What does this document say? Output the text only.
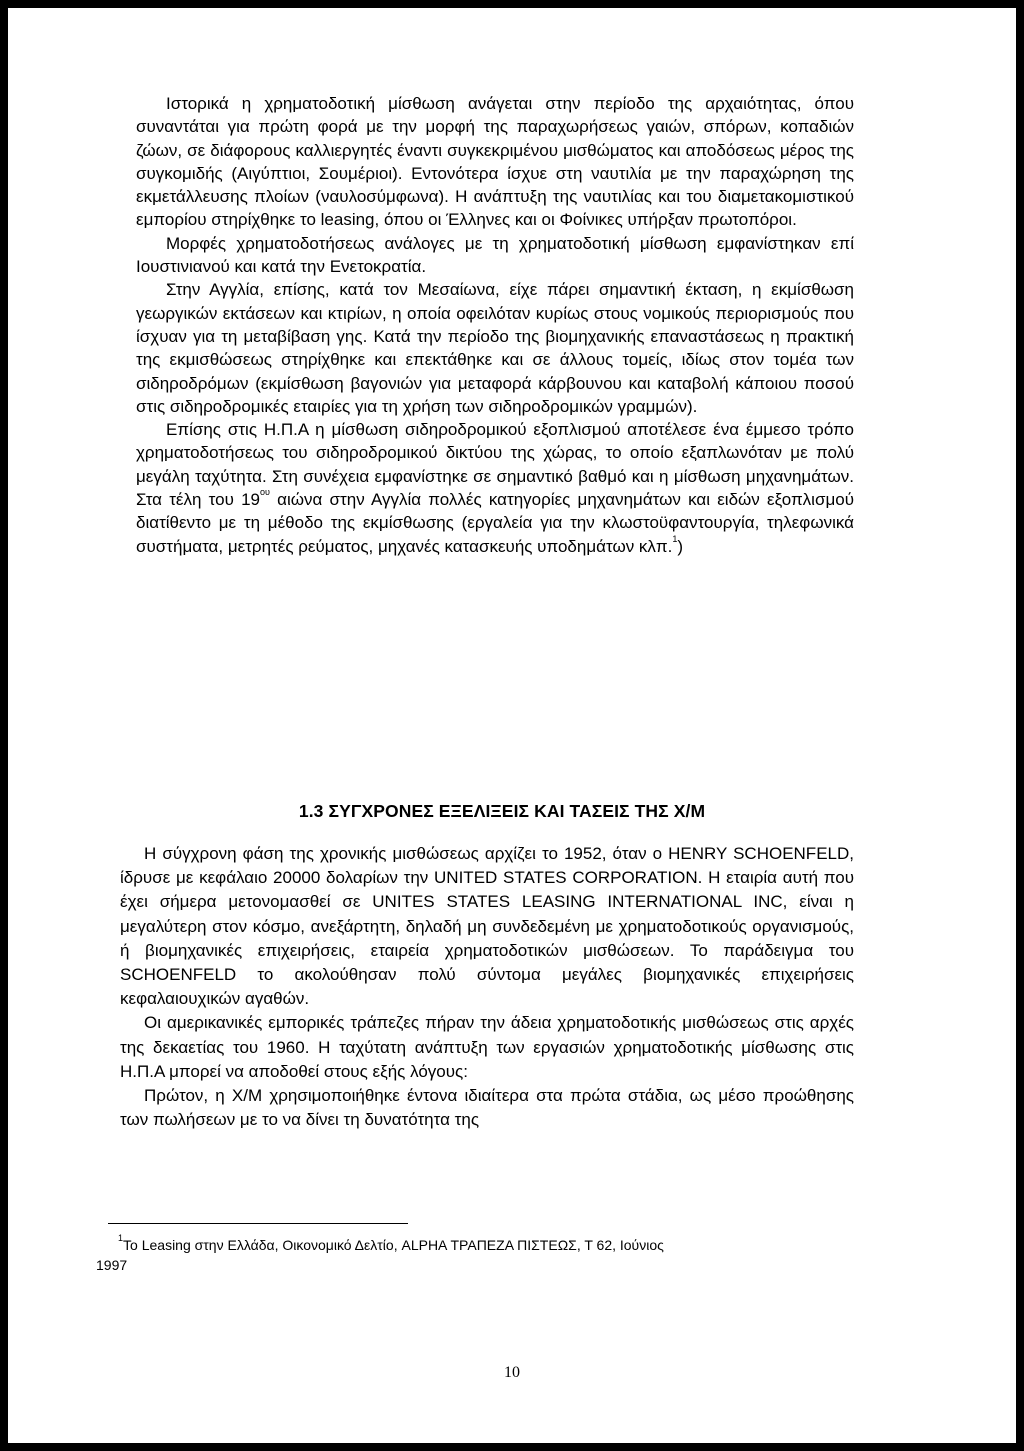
Ιστορικά η χρηματοδοτική μίσθωση ανάγεται στην περίοδο της αρχαιότητας, όπου συναντάται για πρώτη φορά με την μορφή της παραχωρήσεως γαιών, σπόρων, κοπαδιών ζώων, σε διάφορους καλλιεργητές έναντι συγκεκριμένου μισθώματος και αποδόσεως μέρος της συγκομιδής (Αιγύπτιοι, Σουμέριοι). Εντονότερα ίσχυε στη ναυτιλία με την παραχώρηση της εκμετάλλευσης πλοίων (ναυλοσύμφωνα). Η ανάπτυξη της ναυτιλίας και του διαμετακομιστικού εμπορίου στηρίχθηκε το leasing, όπου οι Έλληνες και οι Φοίνικες υπήρξαν πρωτοπόροι.

Μορφές χρηματοδοτήσεως ανάλογες με τη χρηματοδοτική μίσθωση εμφανίστηκαν επί Ιουστινιανού και κατά την Ενετοκρατία.

Στην Αγγλία, επίσης, κατά τον Μεσαίωνα, είχε πάρει σημαντική έκταση, η εκμίσθωση γεωργικών εκτάσεων και κτιρίων, η οποία οφειλόταν κυρίως στους νομικούς περιορισμούς που ίσχυαν για τη μεταβίβαση γης. Κατά την περίοδο της βιομηχανικής επαναστάσεως η πρακτική της εκμισθώσεως στηρίχθηκε και επεκτάθηκε και σε άλλους τομείς, ιδίως στον τομέα των σιδηροδρόμων (εκμίσθωση βαγονιών για μεταφορά κάρβουνου και καταβολή κάποιου ποσού στις σιδηροδρομικές εταιρίες για τη χρήση των σιδηροδρομικών γραμμών).

Επίσης στις Η.Π.Α η μίσθωση σιδηροδρομικού εξοπλισμού αποτέλεσε ένα έμμεσο τρόπο χρηματοδοτήσεως του σιδηροδρομικού δικτύου της χώρας, το οποίο εξαπλωνόταν με πολύ μεγάλη ταχύτητα. Στη συνέχεια εμφανίστηκε σε σημαντικό βαθμό και η μίσθωση μηχανημάτων. Στα τέλη του $19^{o\upsilon}$ αιώνα στην Αγγλία πολλές κατηγορίες μηχανημάτων και ειδών εξοπλισμού διατίθεντο με τη μέθοδο της εκμίσθωσης (εργαλεία για την κλωστοϋφαντουργία, τηλεφωνικά συστήματα, μετρητές ρεύματος, μηχανές κατασκευής υποδημάτων κλπ.$^1$)

1.3 ΣΥΓΧΡΟΝΕΣ ΕΞΕΛΙΞΕΙΣ ΚΑΙ ΤΑΣΕΙΣ ΤΗΣ Χ/Μ

Η σύγχρονη φάση της χρονικής μισθώσεως αρχίζει το 1952, όταν ο HENRY SCHOENFELD, ίδρυσε με κεφάλαιο 20000 δολαρίων την UNITED STATES CORPORATION. Η εταιρία αυτή που έχει σήμερα μετονομασθεί σε UNITES STATES LEASING INTERNATIONAL INC, είναι η μεγαλύτερη στον κόσμο, ανεξάρτητη, δηλαδή μη συνδεδεμένη με χρηματοδοτικούς οργανισμούς, ή βιομηχανικές επιχειρήσεις, εταιρεία χρηματοδοτικών μισθώσεων. Το παράδειγμα του SCHOENFELD το ακολούθησαν πολύ σύντομα μεγάλες βιομηχανικές επιχειρήσεις κεφαλαιουχικών αγαθών.

Οι αμερικανικές εμπορικές τράπεζες πήραν την άδεια χρηματοδοτικής μισθώσεως στις αρχές της δεκαετίας του 1960. Η ταχύτατη ανάπτυξη των εργασιών χρηματοδοτικής μίσθωσης στις Η.Π.Α μπορεί να αποδοθεί στους εξής λόγους:

Πρώτον, η Χ/Μ χρησιμοποιήθηκε έντονα ιδιαίτερα στα πρώτα στάδια, ως μέσο προώθησης των πωλήσεων με το να δίνει τη δυνατότητα της

$^1$Το Leasing στην Ελλάδα, Οικονομικό Δελτίο, ALPHA ΤΡΑΠΕΖΑ ΠΙΣΤΕΩΣ, Τ 62, Ιούνιος
1997
10
